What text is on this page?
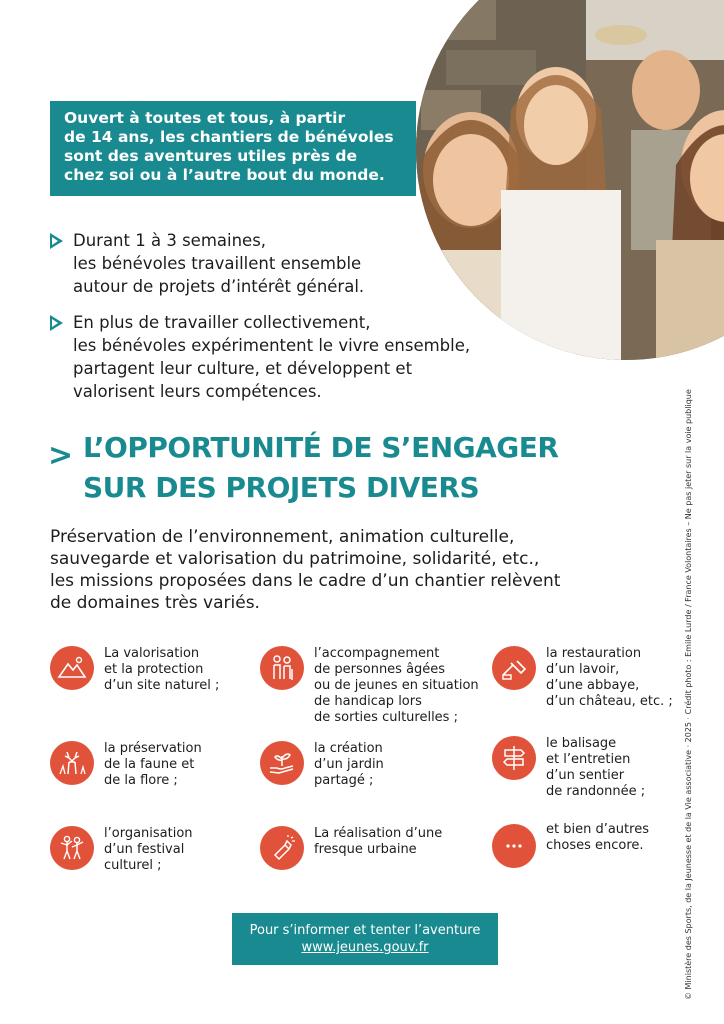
Ouvert à toutes et tous, à partir

de 14 ans, les chantiers de bénévoles

sont des aventures utiles près de

chez soi ou à l’autre bout du monde.

Durant 1 à 3 semaines,

les bénévoles travaillent ensemble

autour de projets d’intérêt général.

En plus de travailler collectivement,

les bénévoles expérimentent le vivre ensemble,

partagent leur culture, et développent et

valorisent leurs compétences.

> L’OPPORTUNITÉ DE S’ENGAGER

SUR DES PROJETS DIVERS

Préservation de l’environnement, animation culturelle,

sauvegarde et valorisation du patrimoine, solidarité, etc.,

les missions proposées dans le cadre d’un chantier relèvent

de domaines très variés.

La valorisation

et la protection

d’un site naturel ;

l’accompagnement

de personnes âgées

ou de jeunes en situation

de handicap lors

de sorties culturelles ;

la restauration

d’un lavoir,

d’une abbaye,

d’un château, etc. ;

la préservation

de la faune et

de la flore ;

la création

d’un jardin

partagé ;

le balisage

et l’entretien

d’un sentier

de randonnée ;

l’organisation

d’un festival

culturel ;

La réalisation d’une

fresque urbaine

et bien d’autres

choses encore.

Pour s’informer et tenter l’aventure
www.jeunes.gouv.fr	© Ministère des Sports, de la Jeunesse et de la Vie associative · 2025 · Crédit photo : Emile Lurde / France Volontaires – Ne pas jeter sur la voie publique
